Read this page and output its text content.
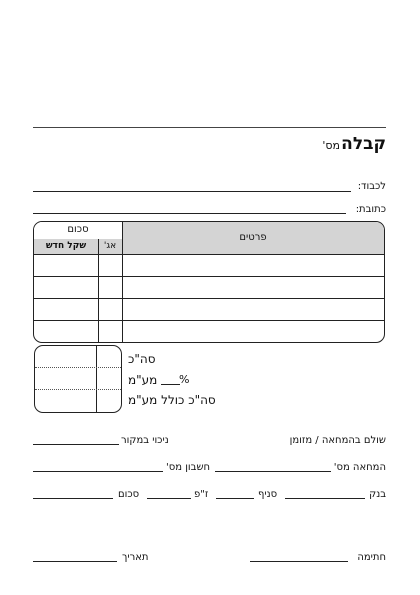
קבלה
מס'
לכבוד:
כתובת:
פרטים
סכום
שקל חדש	אג'
סה"כ
מע"מ %
סה"כ כולל מע"מ
שולם בהמחאה / מזומן
ניכוי במקור
המחאה מס'
חשבון מס'
בנק
סניף
ז"פ
סכום
חתימה
תאריך
